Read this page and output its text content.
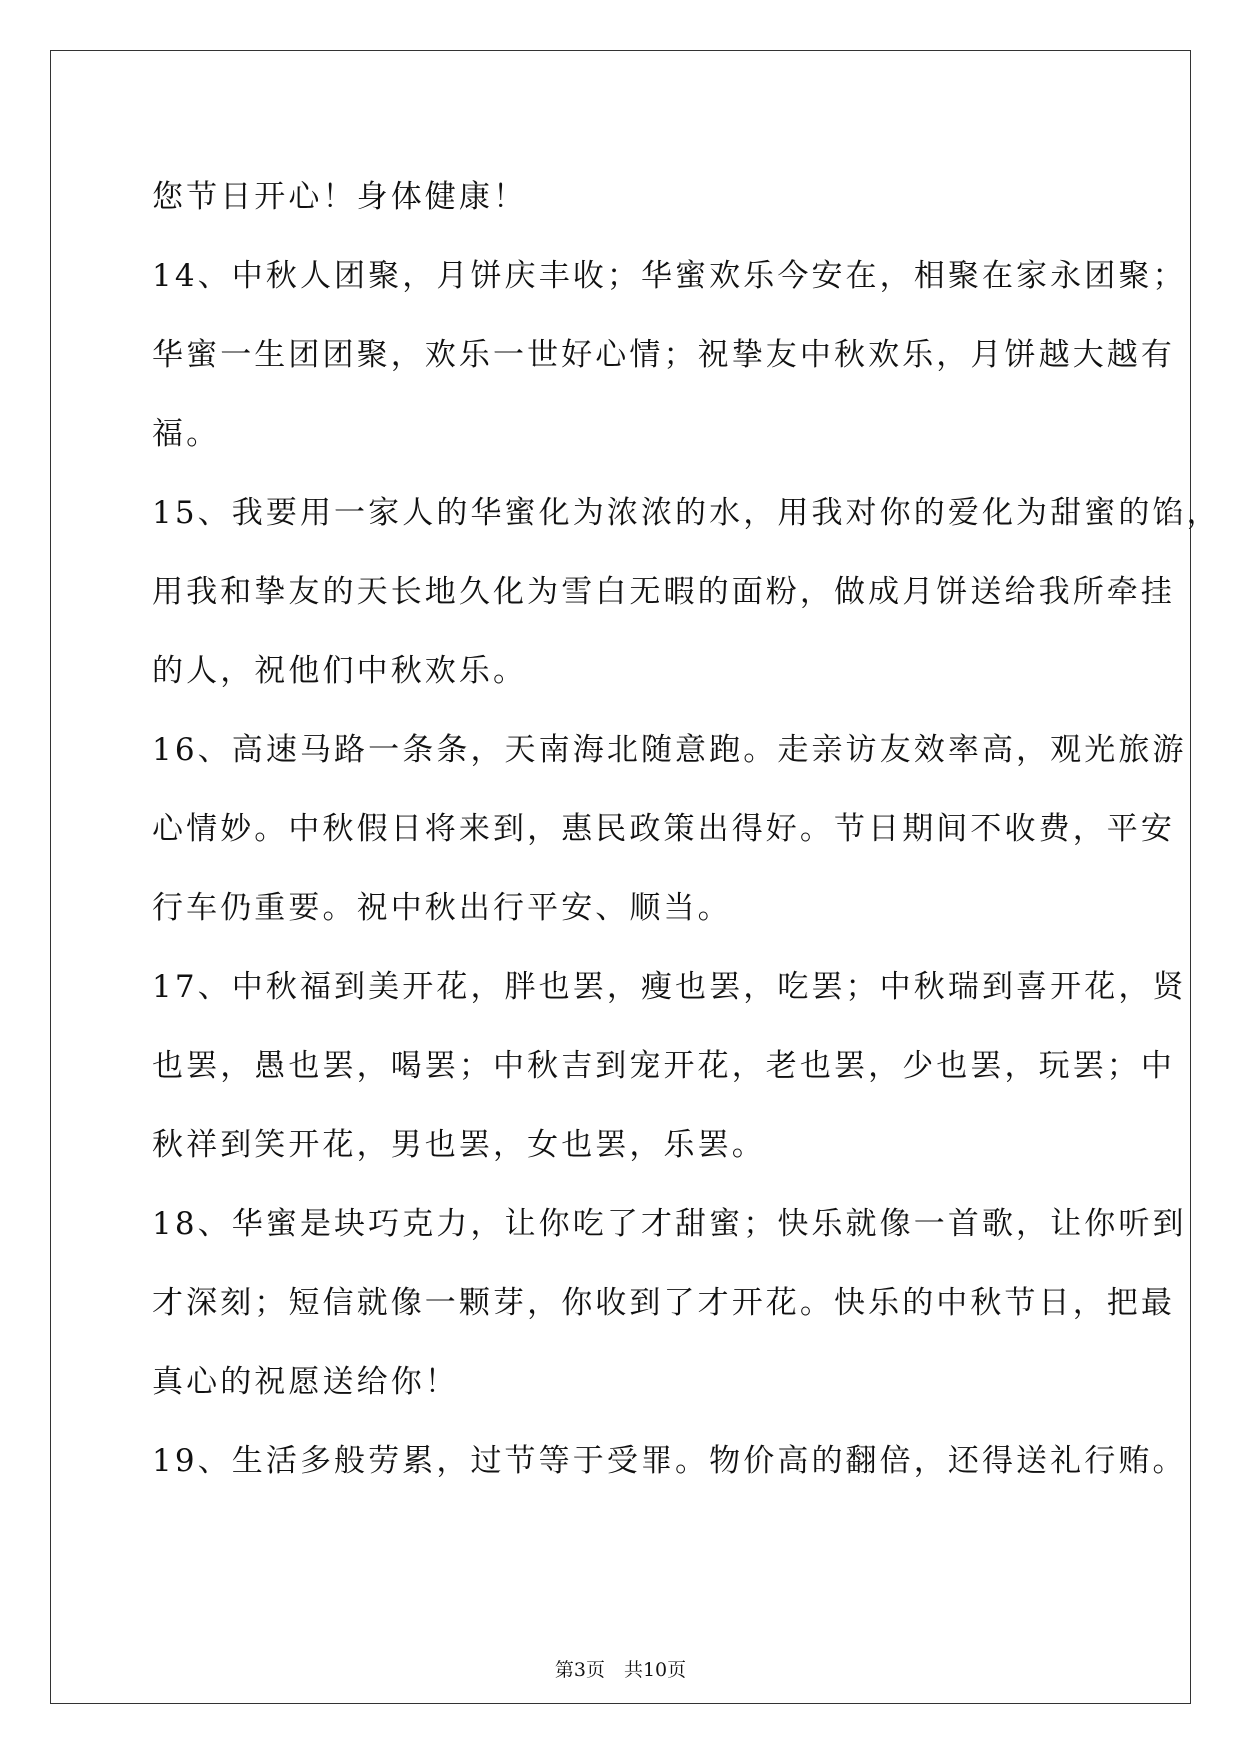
您节日开心！身体健康！
14、中秋人团聚，月饼庆丰收；华蜜欢乐今安在，相聚在家永团聚；
华蜜一生团团聚，欢乐一世好心情；祝挚友中秋欢乐，月饼越大越有
福。
15、我要用一家人的华蜜化为浓浓的水，用我对你的爱化为甜蜜的馅，
用我和挚友的天长地久化为雪白无暇的面粉，做成月饼送给我所牵挂
的人，祝他们中秋欢乐。
16、高速马路一条条，天南海北随意跑。走亲访友效率高，观光旅游
心情妙。中秋假日将来到，惠民政策出得好。节日期间不收费，平安
行车仍重要。祝中秋出行平安、顺当。
17、中秋福到美开花，胖也罢，瘦也罢，吃罢；中秋瑞到喜开花，贤
也罢，愚也罢，喝罢；中秋吉到宠开花，老也罢，少也罢，玩罢；中
秋祥到笑开花，男也罢，女也罢，乐罢。
18、华蜜是块巧克力，让你吃了才甜蜜；快乐就像一首歌，让你听到
才深刻；短信就像一颗芽，你收到了才开花。快乐的中秋节日，把最
真心的祝愿送给你！
19、生活多般劳累，过节等于受罪。物价高的翻倍，还得送礼行贿。
第3页　共10页
